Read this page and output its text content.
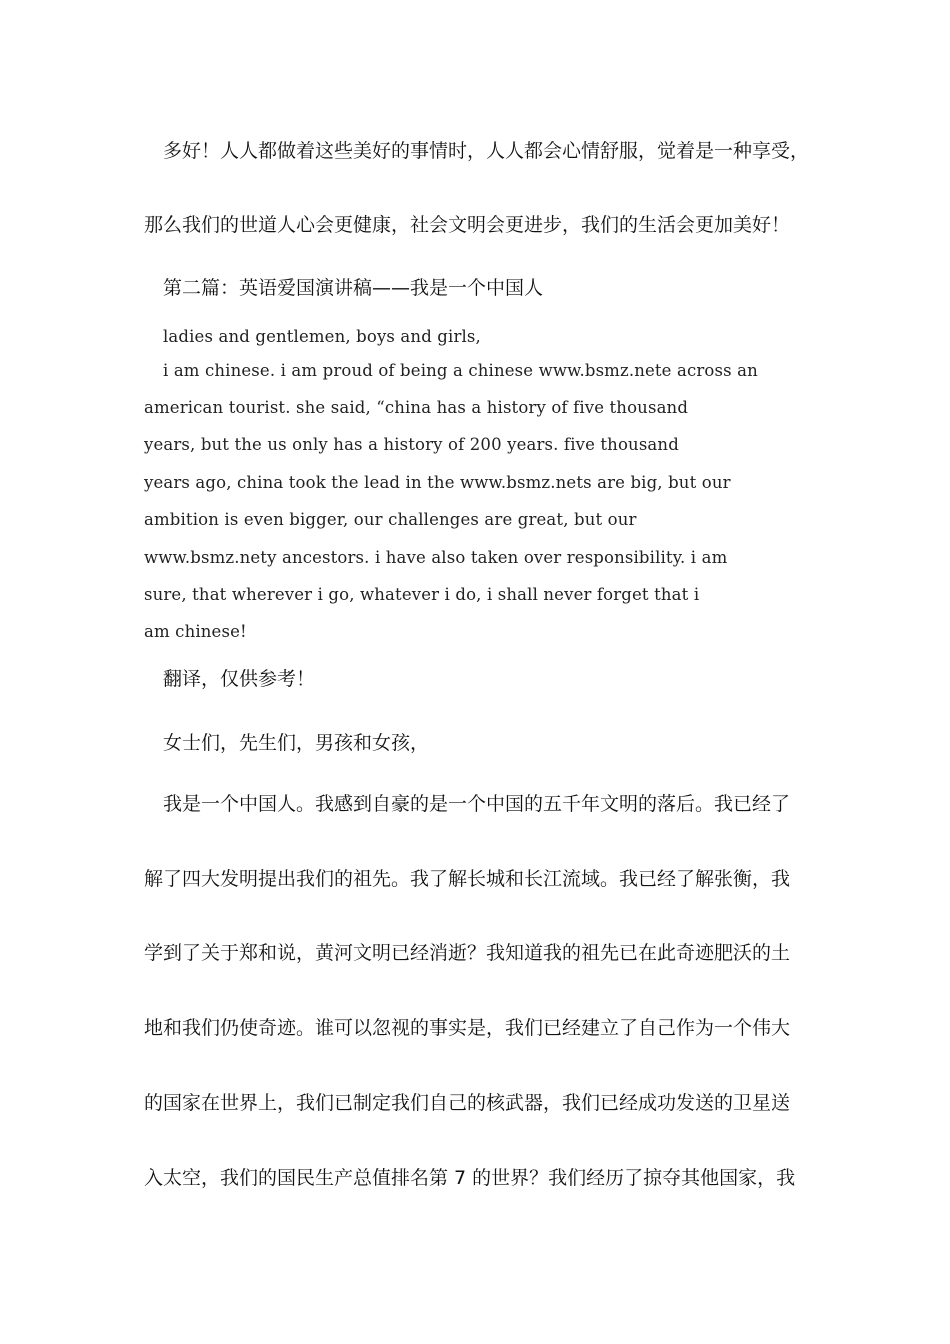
多好！人人都做着这些美好的事情时，人人都会心情舒服，觉着是一种享受，
那么我们的世道人心会更健康，社会文明会更进步，我们的生活会更加美好！
第二篇：英语爱国演讲稿——我是一个中国人
ladies and gentlemen, boys and girls,
i am chinese. i am proud of being a chinese www.bsmz.nete across an
american tourist. she said, “china has a history of five thousand
years, but the us only has a history of 200 years. five thousand
years ago, china took the lead in the www.bsmz.nets are big, but our
ambition is even bigger, our challenges are great, but our
www.bsmz.nety ancestors. i have also taken over responsibility. i am
sure, that wherever i go, whatever i do, i shall never forget that i
am chinese!
翻译，仅供参考！
女士们，先生们，男孩和女孩，
我是一个中国人。我感到自豪的是一个中国的五千年文明的落后。我已经了
解了四大发明提出我们的祖先。我了解长城和长江流域。我已经了解张衡，我
学到了关于郑和说，黄河文明已经消逝？我知道我的祖先已在此奇迹肥沃的土
地和我们仍使奇迹。谁可以忽视的事实是，我们已经建立了自己作为一个伟大
的国家在世界上，我们已制定我们自己的核武器，我们已经成功发送的卫星送
入太空，我们的国民生产总值排名第 7 的世界？我们经历了掠夺其他国家，我
